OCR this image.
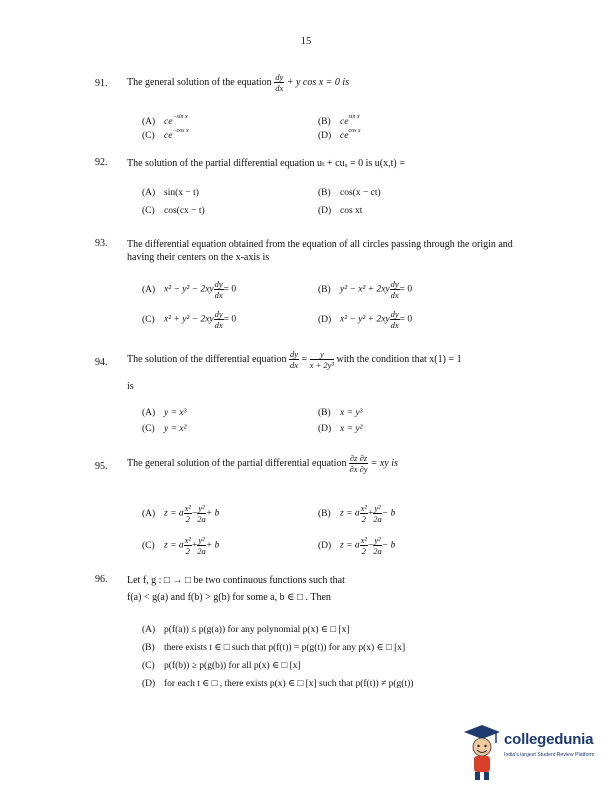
15
91. The general solution of the equation $\frac{dy}{dx} + y$ cos x = 0 is
(A) $ce^{-sin x}$	(B) $ce^{sin x}$
(C) $ce^{-cos x}$	(D) $ce^{cos x}$
92. The solution of the partial differential equation uₜ + cuₓ = 0 is u(x,t) =
(A) sin(x − t)	(B) cos(x − ct)
(C) cos(cx − t)	(D) cos xt
93. The differential equation obtained from the equation of all circles passing through the origin and having their centers on the x-axis is
(A) $x^2 - y^2 - 2xy \frac{dy}{dx} = 0$	(B) $y^2 - x^2 + 2xy \frac{dy}{dx} = 0$
(C) $x^2 + y^2 - 2xy \frac{dy}{dx} = 0$	(D) $x^2 - y^2 + 2xy \frac{dy}{dx} = 0$
94. The solution of the differential equation $\frac{dy}{dx} = \frac{y}{\text{x + 2y³}}$ with the condition that x(1) = 1
is
(A) y = x³	(B) x = y³
(C) y = x²	(D) x = y²
95. The general solution of the partial differential equation $\frac{\partial z \partial z}{\partial x \partial y}$ = xy is
(A) z = a $\frac{\text{x²}}{2} - \frac{\text{y²}}{2a} + b$	(B) z = a $\frac{\text{x²}}{2} + \frac{\text{y²}}{2a} - b$
(C) z = a $\frac{\text{x²}}{2} + \frac{\text{y²}}{2a} + b$	(D) z = a $\frac{\text{x²}}{2} - \frac{\text{y²}}{2a} - b$
96. Let f, g : □ → □ be two continuous functions such that
f(a) < g(a) and f(b) > g(b) for some a, b ∈ □ . Then
(A) p(f(a)) ≤ p(g(a)) for any polynomial p(x) ∈ □ [x]
(B) there exists t ∈ □ such that p(f(t)) = p(g(t)) for any p(x) ∈ □ [x]
(C) p(f(b)) ≥ p(g(b)) for all p(x) ∈ □ [x]
(D) for each t ∈ □ , there exists p(x) ∈ □ [x] such that p(f(t)) ≠ p(g(t))
collegedunia
India's largest Student Review Platform
